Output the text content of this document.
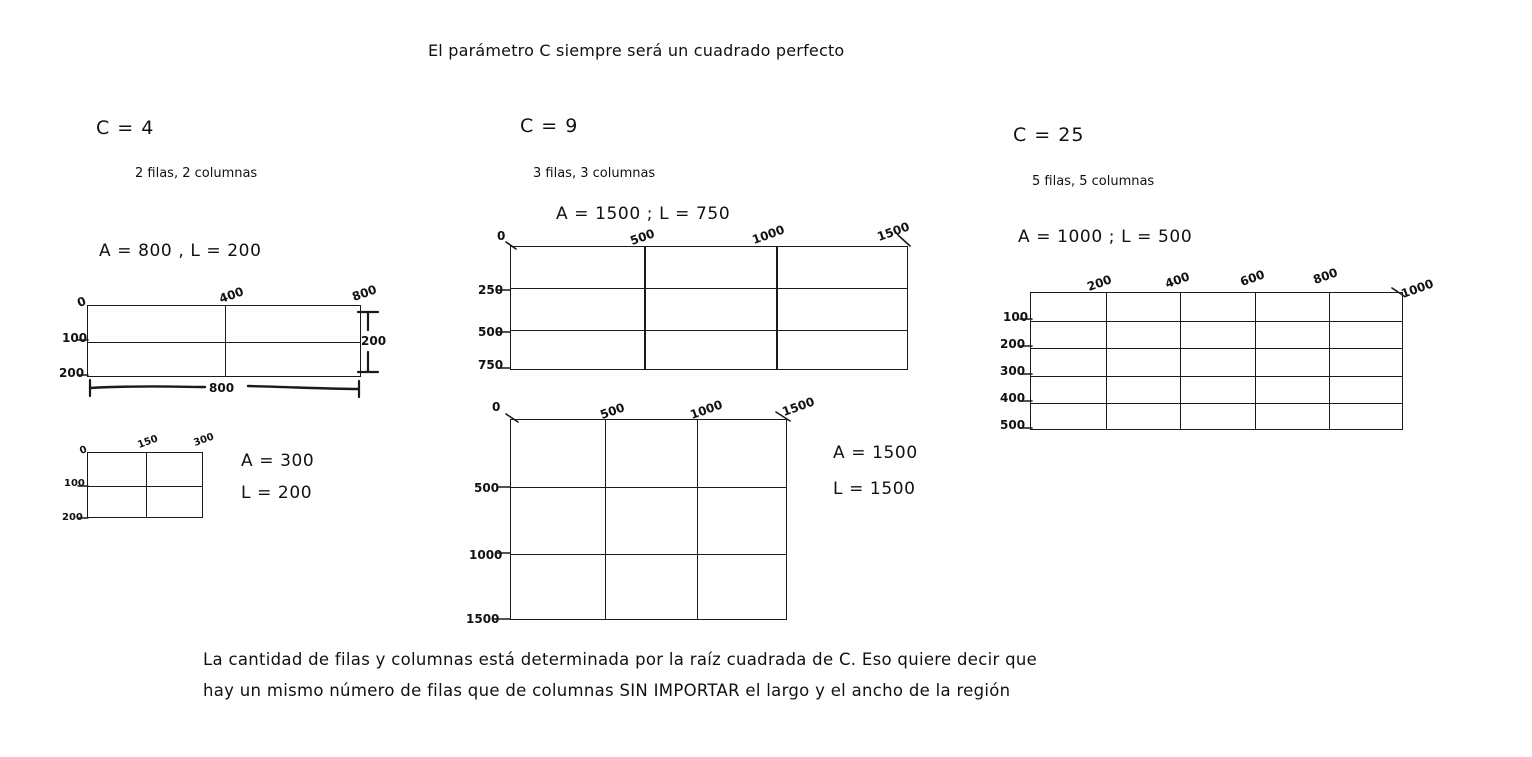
El parámetro C siempre será un cuadrado perfecto
C = 4
2 filas, 2 columnas
A = 800 , L = 200
0	400	800
100
200
800
200
0	150	300
100
200
A = 300
L = 200
C = 9
3 filas, 3 columnas
A = 1500 ; L = 750
0	500	1000	1500
250
500
750
0	500	1000	1500
500
1000
1500
A = 1500
L = 1500
C = 25
5 filas, 5 columnas
A = 1000 ; L = 500
200	400	600	800
1000
100
200
300
400
500
La cantidad de filas y columnas está determinada por la raíz cuadrada de C. Eso quiere decir que
hay un mismo número de filas que de columnas SIN IMPORTAR el largo y el ancho de la región
